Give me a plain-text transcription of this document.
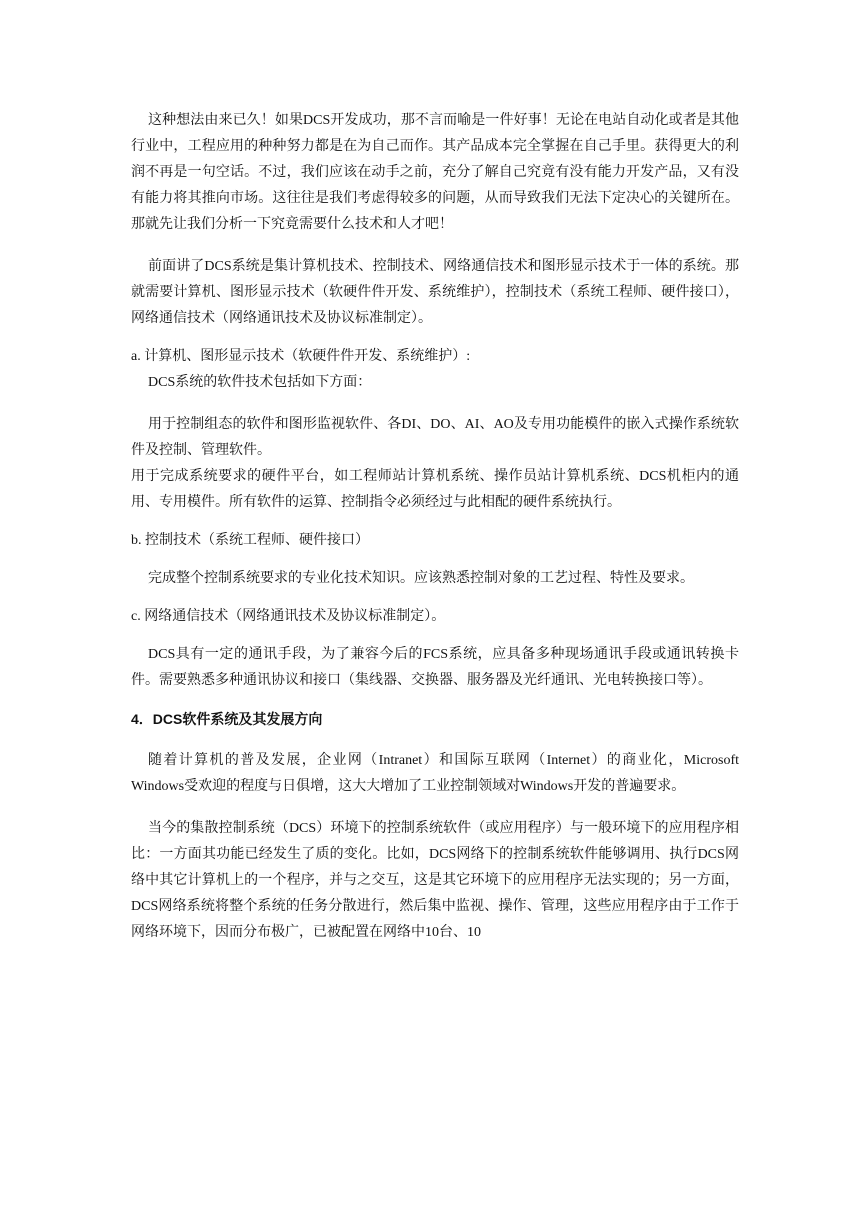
这种想法由来已久！如果DCS开发成功，那不言而喻是一件好事！无论在电站自动化或者是其他行业中，工程应用的种种努力都是在为自己而作。其产品成本完全掌握在自己手里。获得更大的利润不再是一句空话。不过，我们应该在动手之前，充分了解自己究竟有没有能力开发产品，又有没有能力将其推向市场。这往往是我们考虑得较多的问题，从而导致我们无法下定决心的关键所在。那就先让我们分析一下究竟需要什么技术和人才吧！

前面讲了DCS系统是集计算机技术、控制技术、网络通信技术和图形显示技术于一体的系统。那就需要计算机、图形显示技术（软硬件件开发、系统维护），控制技术（系统工程师、硬件接口），网络通信技术（网络通讯技术及协议标准制定）。

a. 计算机、图形显示技术（软硬件件开发、系统维护）:

DCS系统的软件技术包括如下方面：

用于控制组态的软件和图形监视软件、各DI、DO、AI、AO及专用功能模件的嵌入式操作系统软件及控制、管理软件。

用于完成系统要求的硬件平台，如工程师站计算机系统、操作员站计算机系统、DCS机柜内的通用、专用模件。所有软件的运算、控制指令必须经过与此相配的硬件系统执行。

b. 控制技术（系统工程师、硬件接口）

完成整个控制系统要求的专业化技术知识。应该熟悉控制对象的工艺过程、特性及要求。

c. 网络通信技术（网络通讯技术及协议标准制定）。

DCS具有一定的通讯手段，为了兼容今后的FCS系统，应具备多种现场通讯手段或通讯转换卡件。需要熟悉多种通讯协议和接口（集线器、交换器、服务器及光纤通讯、光电转换接口等）。

4．DCS软件系统及其发展方向

随着计算机的普及发展，企业网（Intranet）和国际互联网（Internet）的商业化，Microsoft Windows受欢迎的程度与日俱增，这大大增加了工业控制领域对Windows开发的普遍要求。

当今的集散控制系统（DCS）环境下的控制系统软件（或应用程序）与一般环境下的应用程序相比：一方面其功能已经发生了质的变化。比如，DCS网络下的控制系统软件能够调用、执行DCS网络中其它计算机上的一个程序，并与之交互，这是其它环境下的应用程序无法实现的；另一方面，DCS网络系统将整个系统的任务分散进行，然后集中监视、操作、管理，这些应用程序由于工作于网络环境下，因而分布极广，已被配置在网络中10台、10
